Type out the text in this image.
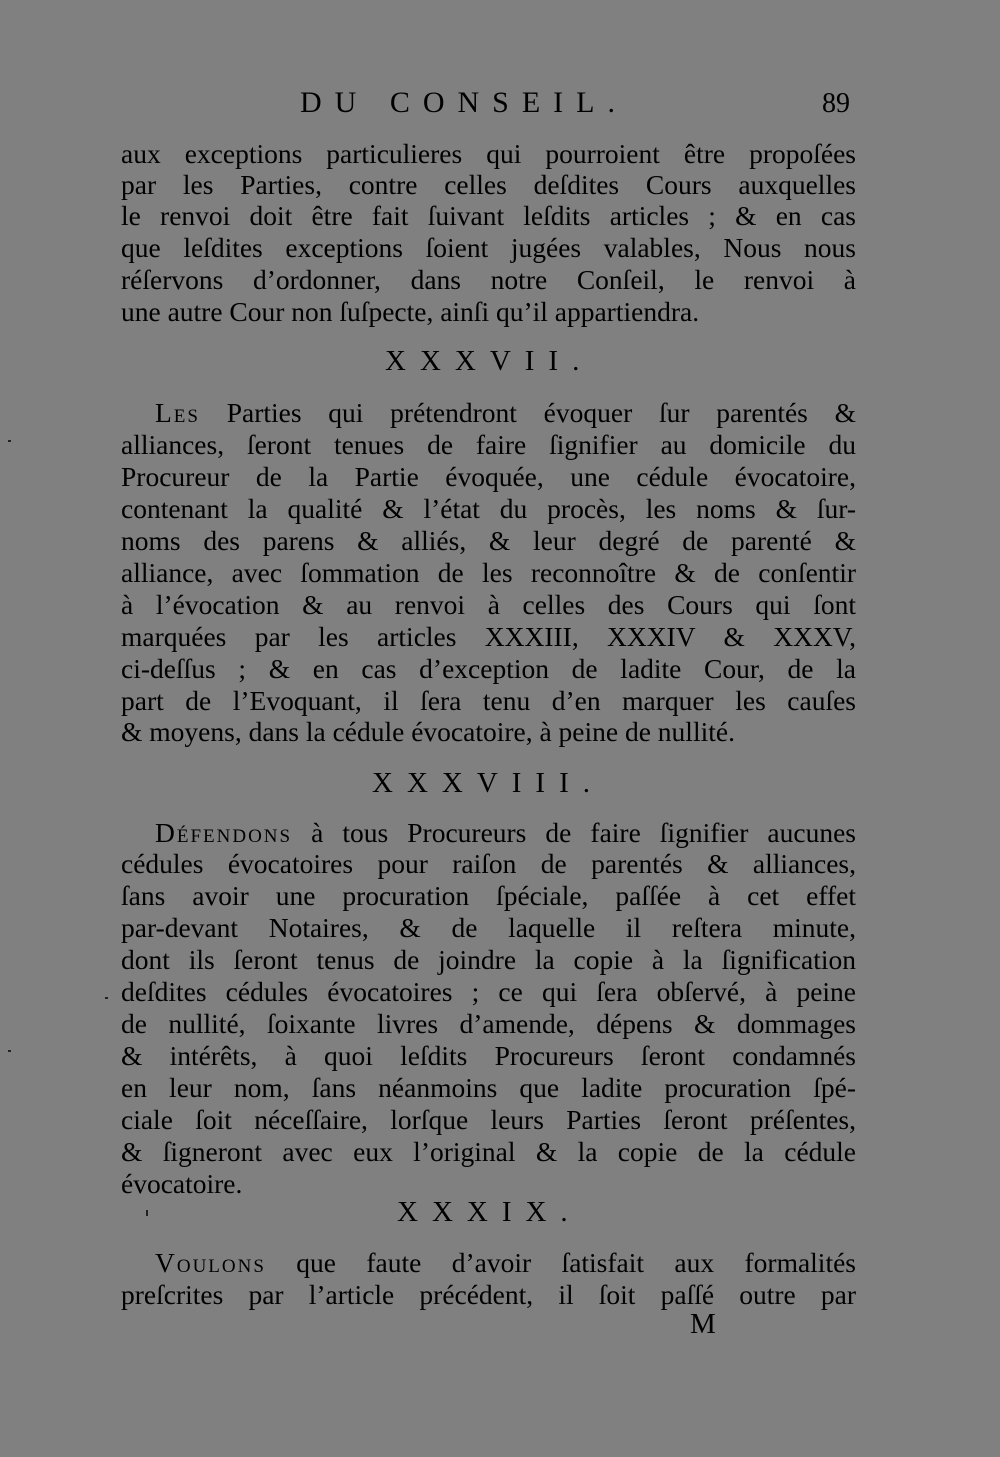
DU CONSEIL.	89
aux exceptions particulieres qui pourroient être propoſées
par les Parties, contre celles deſdites Cours auxquelles
le renvoi doit être fait ſuivant leſdits articles ; & en cas
que leſdites exceptions ſoient jugées valables, Nous nous
réſervons d’ordonner, dans notre Conſeil, le renvoi à
une autre Cour non ſuſpecte, ainſi qu’il appartiendra.
XXXVII.
Les Parties qui prétendront évoquer ſur parentés &
alliances, ſeront tenues de faire ſignifier au domicile du
Procureur de la Partie évoquée, une cédule évocatoire,
contenant la qualité & l’état du procès, les noms & ſur-
noms des parens & alliés, & leur degré de parenté &
alliance, avec ſommation de les reconnoître & de conſentir
à l’évocation & au renvoi à celles des Cours qui ſont
marquées par les articles XXXIII, XXXIV & XXXV,
ci-deſſus ; & en cas d’exception de ladite Cour, de la
part de l’Evoquant, il ſera tenu d’en marquer les cauſes
& moyens, dans la cédule évocatoire, à peine de nullité.
XXXVIII.
Défendons à tous Procureurs de faire ſignifier aucunes
cédules évocatoires pour raiſon de parentés & alliances,
ſans avoir une procuration ſpéciale, paſſée à cet effet
par-devant Notaires, & de laquelle il reſtera minute,
dont ils ſeront tenus de joindre la copie à la ſignification
deſdites cédules évocatoires ; ce qui ſera obſervé, à peine
de nullité, ſoixante livres d’amende, dépens & dommages
& intérêts, à quoi leſdits Procureurs ſeront condamnés
en leur nom, ſans néanmoins que ladite procuration ſpé-
ciale ſoit néceſſaire, lorſque leurs Parties ſeront préſentes,
& ſigneront avec eux l’original & la copie de la cédule
évocatoire.
XXXIX.
Voulons que faute d’avoir ſatisfait aux formalités
preſcrites par l’article précédent, il ſoit paſſé outre par
M
